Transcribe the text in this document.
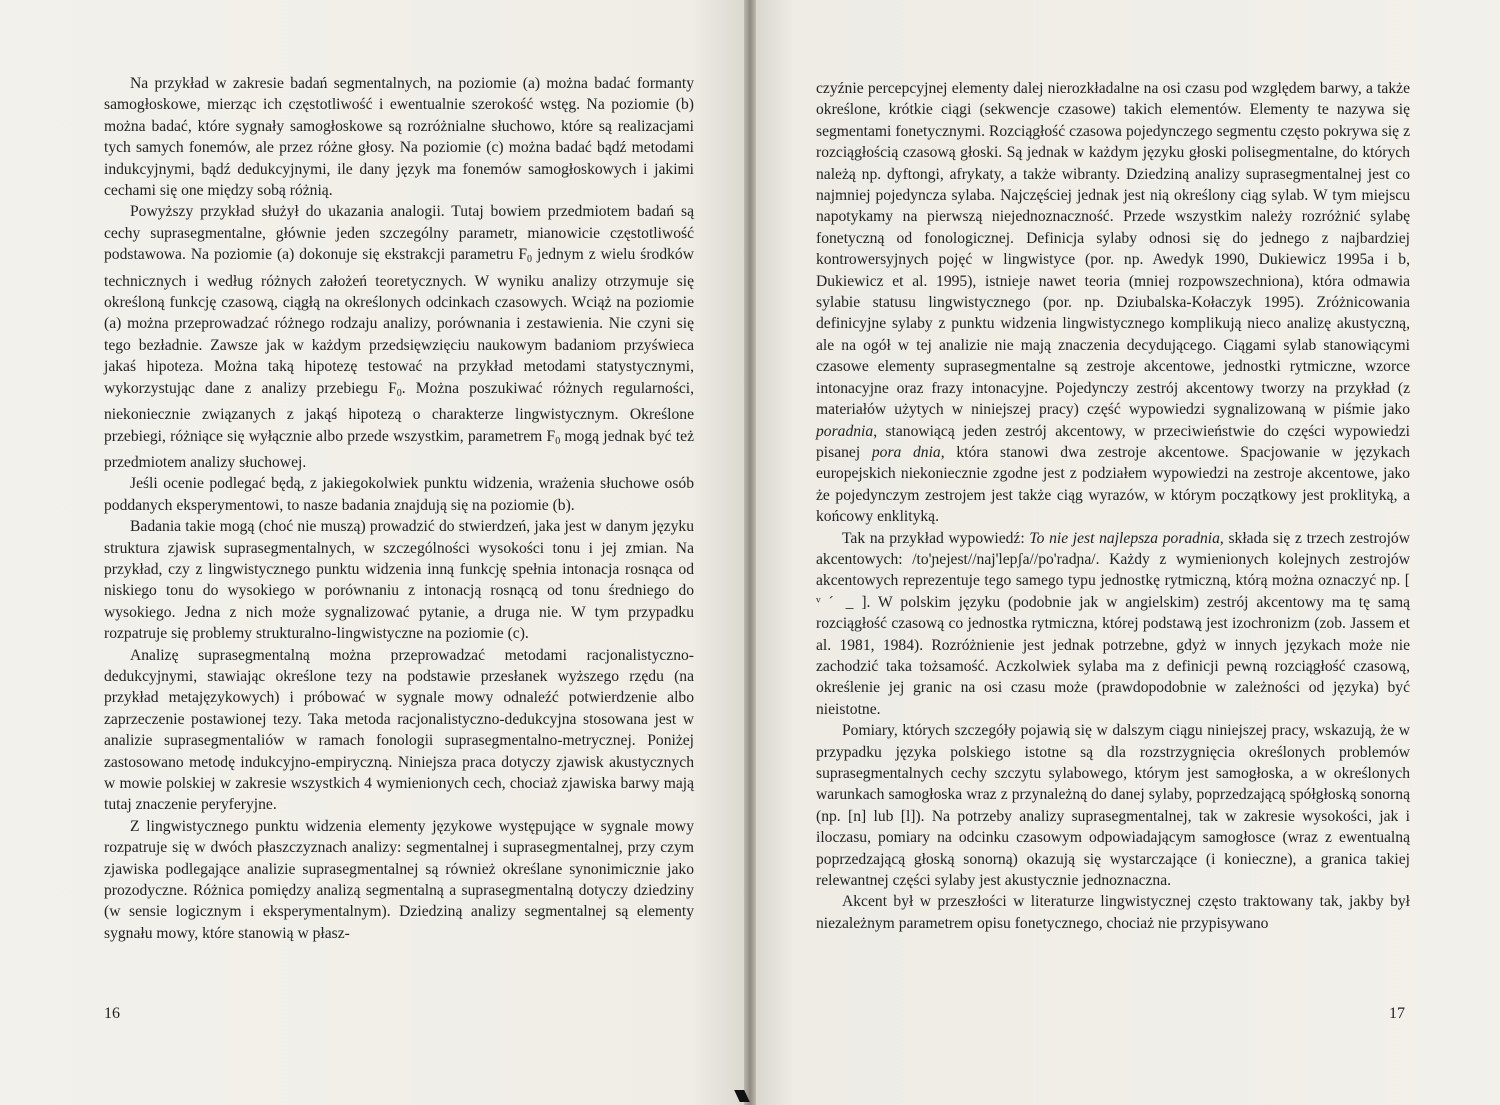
Na przykład w zakresie badań segmentalnych, na poziomie (a) można badać formanty samogłoskowe, mierząc ich częstotliwość i ewentualnie szerokość wstęg. Na poziomie (b) można badać, które sygnały samogłoskowe są rozróżnialne słuchowo, które są realizacjami tych samych fonemów, ale przez różne głosy. Na poziomie (c) można badać bądź metodami indukcyjnymi, bądź dedukcyjnymi, ile dany język ma fonemów samogłoskowych i jakimi cechami się one między sobą różnią.

Powyższy przykład służył do ukazania analogii. Tutaj bowiem przedmiotem badań są cechy suprasegmentalne, głównie jeden szczególny parametr, mianowicie częstotliwość podstawowa. Na poziomie (a) dokonuje się ekstrakcji parametru $F_0$ jednym z wielu środków technicznych i według różnych założeń teoretycznych. W wyniku analizy otrzymuje się określoną funkcję czasową, ciągłą na określonych odcinkach czasowych. Wciąż na poziomie (a) można przeprowadzać różnego rodzaju analizy, porównania i zestawienia. Nie czyni się tego bezładnie. Zawsze jak w każdym przedsięwzięciu naukowym badaniom przyświeca jakaś hipoteza. Można taką hipotezę testować na przykład metodami statystycznymi, wykorzystując dane z analizy przebiegu $F_0$. Można poszukiwać różnych regularności, niekoniecznie związanych z jakąś hipotezą o charakterze lingwistycznym. Określone przebiegi, różniące się wyłącznie albo przede wszystkim, parametrem $F_0$ mogą jednak być też przedmiotem analizy słuchowej.

Jeśli ocenie podlegać będą, z jakiegokolwiek punktu widzenia, wrażenia słuchowe osób poddanych eksperymentowi, to nasze badania znajdują się na poziomie (b).

Badania takie mogą (choć nie muszą) prowadzić do stwierdzeń, jaka jest w danym języku struktura zjawisk suprasegmentalnych, w szczególności wysokości tonu i jej zmian. Na przykład, czy z lingwistycznego punktu widzenia inną funkcję spełnia intonacja rosnąca od niskiego tonu do wysokiego w porównaniu z intonacją rosnącą od tonu średniego do wysokiego. Jedna z nich może sygnalizować pytanie, a druga nie. W tym przypadku rozpatruje się problemy strukturalno-lingwistyczne na poziomie (c).

Analizę suprasegmentalną można przeprowadzać metodami racjonalistyczno-dedukcyjnymi, stawiając określone tezy na podstawie przesłanek wyższego rzędu (na przykład metajęzykowych) i próbować w sygnale mowy odnaleźć potwierdzenie albo zaprzeczenie postawionej tezy. Taka metoda racjonalistyczno-dedukcyjna stosowana jest w analizie suprasegmentaliów w ramach fonologii suprasegmentalno-metrycznej. Poniżej zastosowano metodę indukcyjno-empiryczną. Niniejsza praca dotyczy zjawisk akustycznych w mowie polskiej w zakresie wszystkich 4 wymienionych cech, chociaż zjawiska barwy mają tutaj znaczenie peryferyjne.

Z lingwistycznego punktu widzenia elementy językowe występujące w sygnale mowy rozpatruje się w dwóch płaszczyznach analizy: segmentalnej i suprasegmentalnej, przy czym zjawiska podlegające analizie suprasegmentalnej są również określane synonimicznie jako prozodyczne. Różnica pomiędzy analizą segmentalną a suprasegmentalną dotyczy dziedziny (w sensie logicznym i eksperymentalnym). Dziedziną analizy segmentalnej są elementy sygnału mowy, które stanowią w płasz-

16

czyźnie percepcyjnej elementy dalej nierozkładalne na osi czasu pod względem barwy, a także określone, krótkie ciągi (sekwencje czasowe) takich elementów. Elementy te nazywa się segmentami fonetycznymi. Rozciągłość czasowa pojedynczego segmentu często pokrywa się z rozciągłością czasową głoski. Są jednak w każdym języku głoski polisegmentalne, do których należą np. dyftongi, afrykaty, a także wibranty. Dziedziną analizy suprasegmentalnej jest co najmniej pojedyncza sylaba. Najczęściej jednak jest nią określony ciąg sylab. W tym miejscu napotykamy na pierwszą niejednoznaczność. Przede wszystkim należy rozróżnić sylabę fonetyczną od fonologicznej. Definicja sylaby odnosi się do jednego z najbardziej kontrowersyjnych pojęć w lingwistyce (por. np. Awedyk 1990, Dukiewicz 1995a i b, Dukiewicz et al. 1995), istnieje nawet teoria (mniej rozpowszechniona), która odmawia sylabie statusu lingwistycznego (por. np. Dziubalska-Kołaczyk 1995). Zróżnicowania definicyjne sylaby z punktu widzenia lingwistycznego komplikują nieco analizę akustyczną, ale na ogół w tej analizie nie mają znaczenia decydującego. Ciągami sylab stanowiącymi czasowe elementy suprasegmentalne są zestroje akcentowe, jednostki rytmiczne, wzorce intonacyjne oraz frazy intonacyjne. Pojedynczy zestrój akcentowy tworzy na przykład (z materiałów użytych w niniejszej pracy) część wypowiedzi sygnalizowaną w piśmie jako poradnia, stanowiącą jeden zestrój akcentowy, w przeciwieństwie do części wypowiedzi pisanej pora dnia, która stanowi dwa zestroje akcentowe. Spacjowanie w językach europejskich niekoniecznie zgodne jest z podziałem wypowiedzi na zestroje akcentowe, jako że pojedynczym zestrojem jest także ciąg wyrazów, w którym początkowy jest proklityką, a końcowy enklityką.

Tak na przykład wypowiedź: To nie jest najlepsza poradnia, składa się z trzech zestrojów akcentowych: /to'ɲejest//naj'lepʃa//po'radɲa/. Każdy z wymienionych kolejnych zestrojów akcentowych reprezentuje tego samego typu jednostkę rytmiczną, którą można oznaczyć np. [ ᵛ ˊ _ ]. W polskim języku (podobnie jak w angielskim) zestrój akcentowy ma tę samą rozciągłość czasową co jednostka rytmiczna, której podstawą jest izochronizm (zob. Jassem et al. 1981, 1984). Rozróżnienie jest jednak potrzebne, gdyż w innych językach może nie zachodzić taka tożsamość. Aczkolwiek sylaba ma z definicji pewną rozciągłość czasową, określenie jej granic na osi czasu może (prawdopodobnie w zależności od języka) być nieistotne.

Pomiary, których szczegóły pojawią się w dalszym ciągu niniejszej pracy, wskazują, że w przypadku języka polskiego istotne są dla rozstrzygnięcia określonych problemów suprasegmentalnych cechy szczytu sylabowego, którym jest samogłoska, a w określonych warunkach samogłoska wraz z przynależną do danej sylaby, poprzedzającą spółgłoską sonorną (np. [n] lub [l]). Na potrzeby analizy suprasegmentalnej, tak w zakresie wysokości, jak i iloczasu, pomiary na odcinku czasowym odpowiadającym samogłosce (wraz z ewentualną poprzedzającą głoską sonorną) okazują się wystarczające (i konieczne), a granica takiej relewantnej części sylaby jest akustycznie jednoznaczna.

Akcent był w przeszłości w literaturze lingwistycznej często traktowany tak, jakby był niezależnym parametrem opisu fonetycznego, chociaż nie przypisywano

17
